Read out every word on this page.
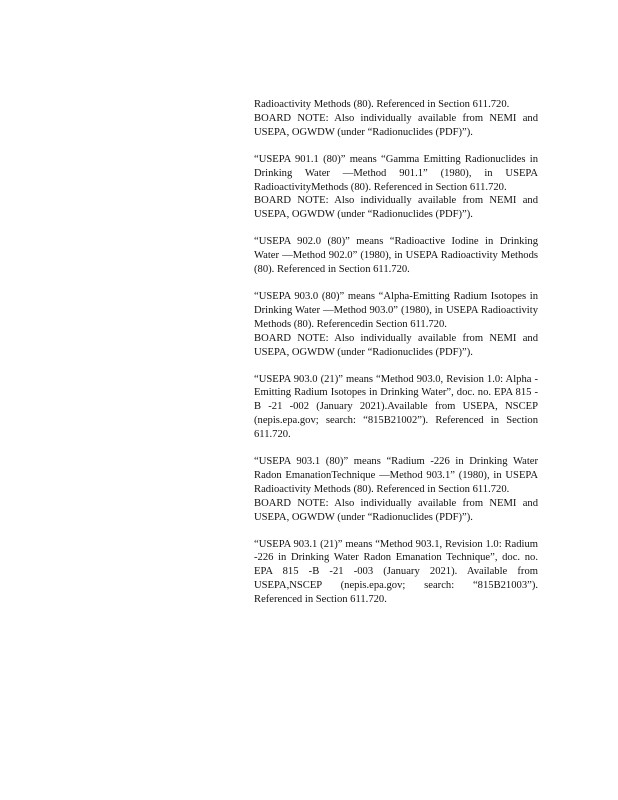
Radioactivity Methods (80). Referenced in Section 611.720.

BOARD NOTE: Also individually available from NEMI and USEPA, OGWDW (under “Radionuclides (PDF)”).

“USEPA 901.1 (80)” means “Gamma Emitting Radionuclides in Drinking Water —Method 901.1” (1980), in USEPA RadioactivityMethods (80). Referenced in Section 611.720.

BOARD NOTE: Also individually available from NEMI and USEPA, OGWDW (under “Radionuclides (PDF)”).

“USEPA 902.0 (80)” means “Radioactive Iodine in Drinking Water —Method 902.0” (1980), in USEPA Radioactivity Methods (80). Referenced in Section 611.720.

“USEPA 903.0 (80)” means “Alpha-Emitting Radium Isotopes in Drinking Water —Method 903.0” (1980), in USEPA Radioactivity Methods (80). Referencedin Section 611.720.

BOARD NOTE: Also individually available from NEMI and USEPA, OGWDW (under “Radionuclides (PDF)”).

“USEPA 903.0 (21)” means “Method 903.0, Revision 1.0: Alpha -Emitting Radium Isotopes in Drinking Water”, doc. no. EPA 815 -B -21 -002 (January 2021).Available from USEPA, NSCEP (nepis.epa.gov; search: “815B21002”). Referenced in Section 611.720.

“USEPA 903.1 (80)” means “Radium -226 in Drinking Water Radon EmanationTechnique —Method 903.1” (1980), in USEPA Radioactivity Methods (80). Referenced in Section 611.720.

BOARD NOTE: Also individually available from NEMI and USEPA, OGWDW (under “Radionuclides (PDF)”).

“USEPA 903.1 (21)” means “Method 903.1, Revision 1.0: Radium -226 in Drinking Water Radon Emanation Technique”, doc. no. EPA 815 -B -21 -003 (January 2021). Available from USEPA,NSCEP (nepis.epa.gov; search: “815B21003”). Referenced in Section 611.720.
